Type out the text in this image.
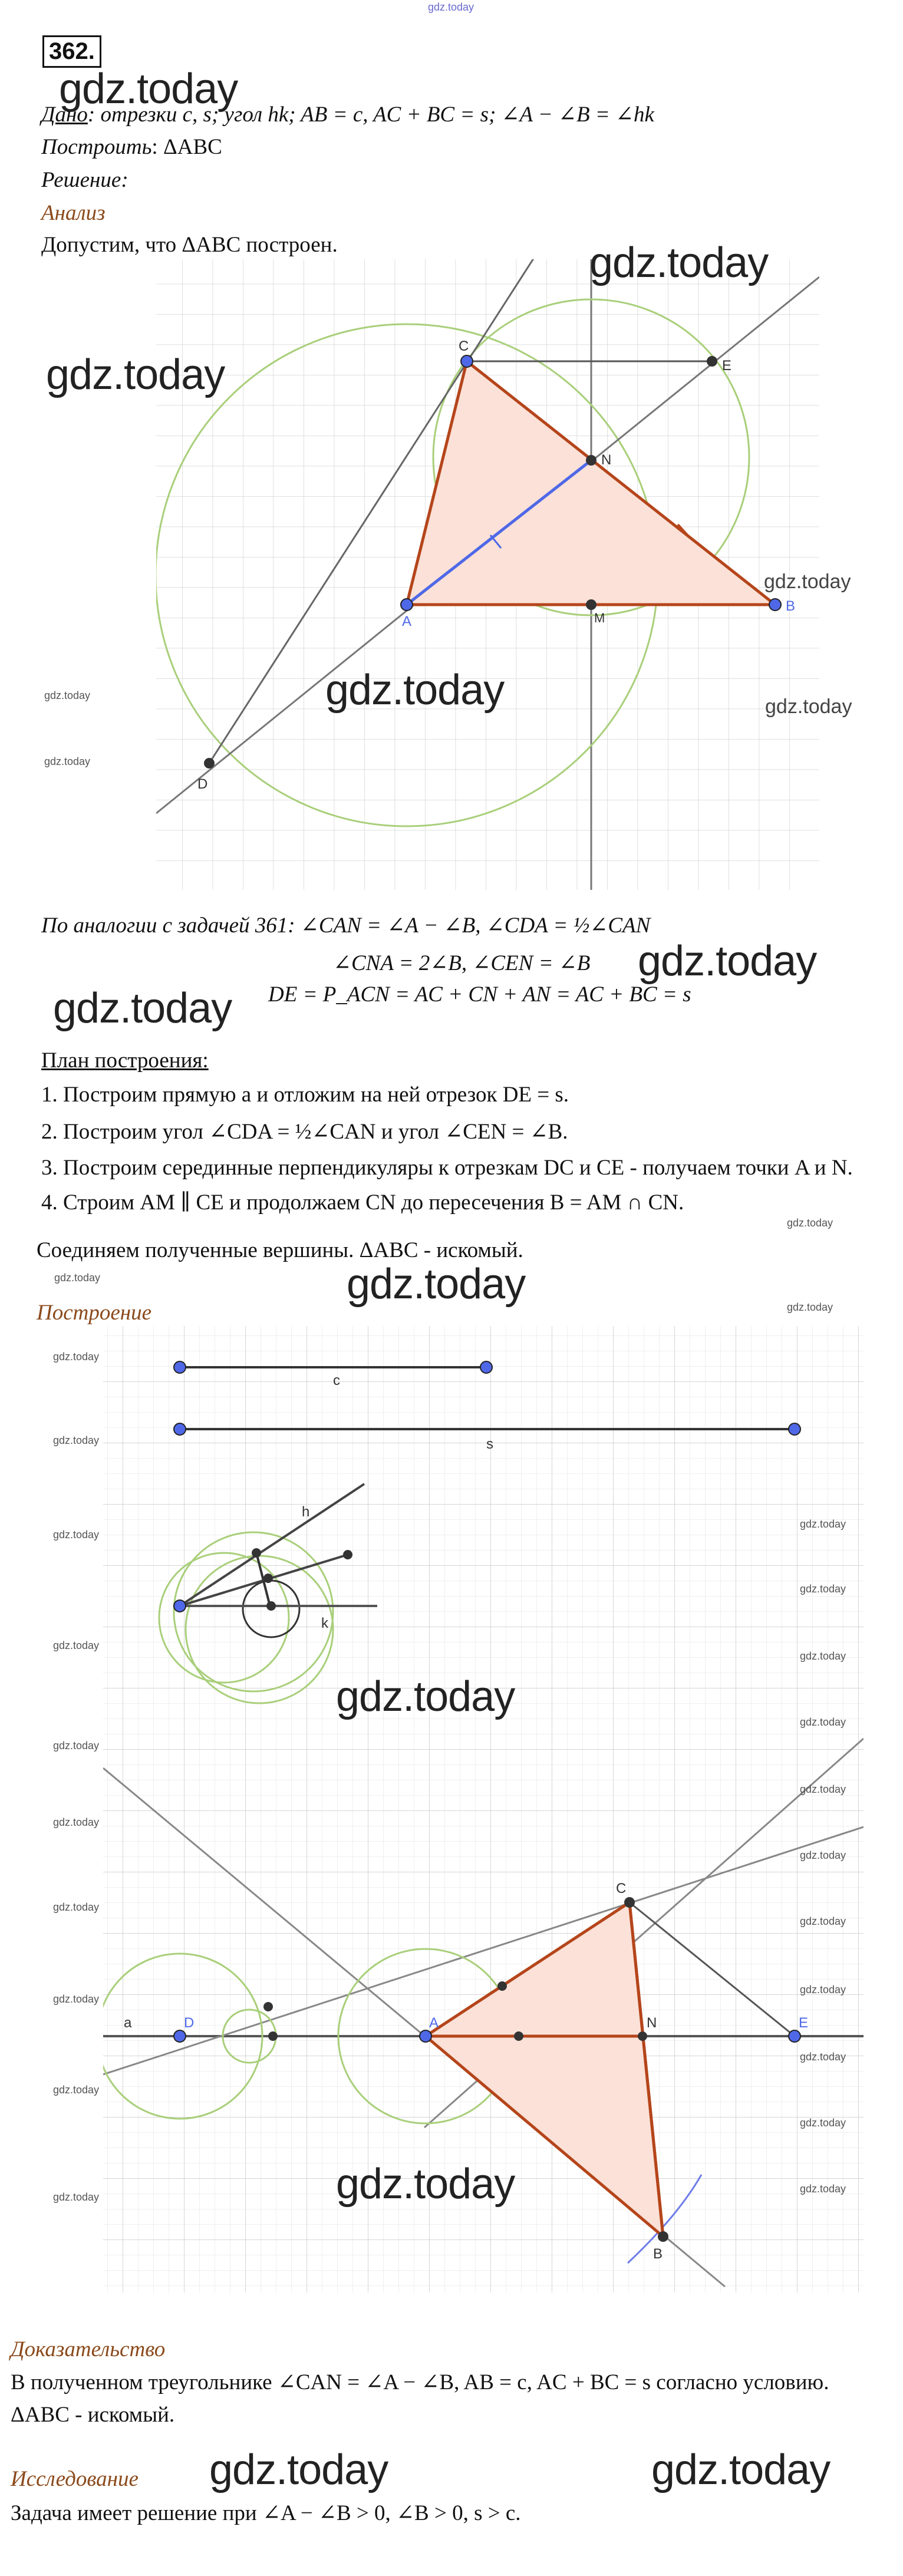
gdz.today
362.
gdz.today
Дано: отрезки c, s; угол hk; AB = c, AC + BC = s; ∠A − ∠B = ∠hk
Построить: ΔABC
Решение:
Анализ
Допустим, что ΔABC построен.
C
E
N
A	M
B
D
gdz.today
gdz.today
gdz.today
gdz.today	gdz.today
gdz.today
gdz.today
По аналогии с задачей 361: ∠CAN = ∠A − ∠B, ∠CDA = ½∠CAN
∠CNA = 2∠B, ∠CEN = ∠B
DE = P_ACN = AC + CN + AN = AC + BC = s
gdz.today
gdz.today
План построения:
1. Построим прямую a и отложим на ней отрезок DE = s.
2. Построим угол ∠CDA = ½∠CAN и угол ∠CEN = ∠B.
3. Построим серединные перпендикуляры к отрезкам DC и CE - получаем точки A и N.
4. Строим AM ∥ CE и продолжаем CN до пересечения B = AM ∩ CN.
gdz.today
Соединяем полученные вершины. ΔABC - искомый.
gdz.today	gdz.today
Построение	gdz.today
c
s
h
k
a	D	A	N	E
C
B
gdz.today
gdz.today
gdz.today
gdz.today
gdz.today
gdz.today
gdz.today
gdz.today
gdz.today
gdz.today
gdz.today
gdz.today
gdz.today
gdz.today
gdz.today
gdz.today
gdz.today
gdz.today
gdz.today
gdz.today
gdz.today
gdz.today
gdz.today
Доказательство
В полученном треугольнике ∠CAN = ∠A − ∠B, AB = c, AC + BC = s согласно условию.
ΔABC - искомый.
Исследование gdz.today	gdz.today
Задача имеет решение при ∠A − ∠B > 0, ∠B > 0, s > c.
